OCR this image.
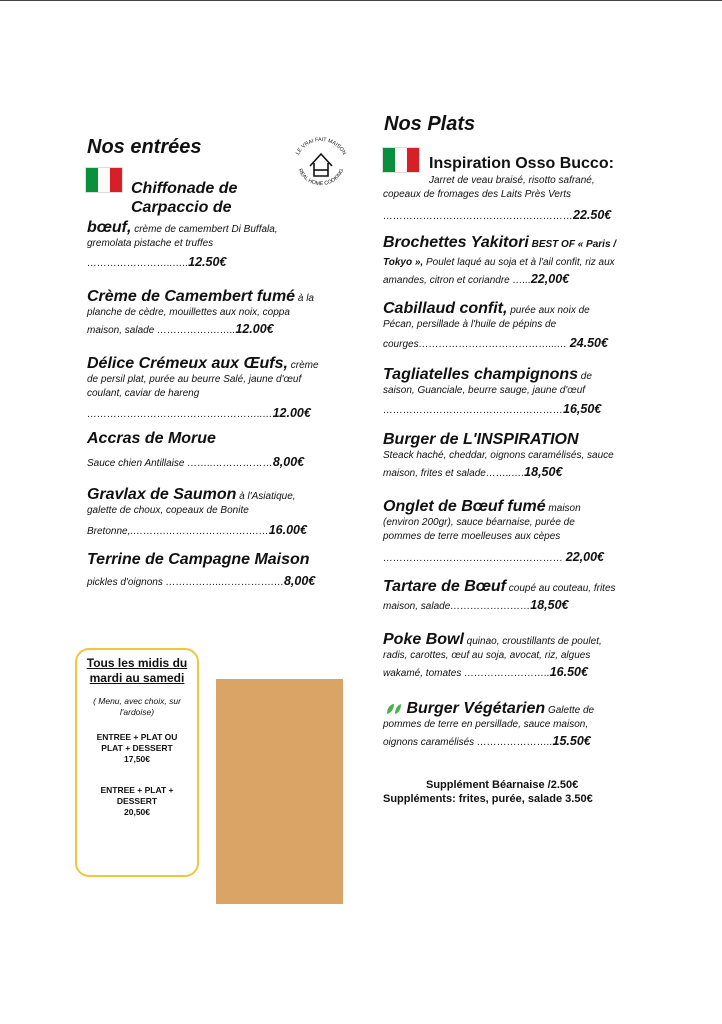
Nos entrées
Chiffonade de
Carpaccio de
bœuf, crème de camembert Di Buffala,
gremolata pistache et truffes
……………………..…..12.50€
Crème de Camembert fumé à la
planche de cèdre, mouillettes aux noix, coppa
maison, salade ……………….…..12.00€
Délice Crémeux aux Œufs, crème
de persil plat, purée au beurre Salé, jaune d'œuf
coulant, caviar de hareng
……………………………………………..…12.00€
Accras de Morue
Sauce chien Antillaise ……..………………8,00€
Gravlax de Saumon à l'Asiatique,
galette de choux, copeaux de Bonite
Bretonne,.……….……………………….…16.00€
Terrine de Campagne Maison
pickles d'oignons ……………..…………….…8,00€
LE VRAI FAIT MAISON
REAL HOME COOKING
Tous les midis du
mardi au samedi
( Menu, avec choix, sur
l'ardoise)
ENTREE + PLAT OU
PLAT + DESSERT
17,50€
ENTREE + PLAT +
DESSERT
20,50€
Nos Plats
Inspiration Osso Bucco:
Jarret de veau braisé, risotto safrané,
copeaux de fromages des Laits Près Verts
…………………………………………………22.50€
Brochettes Yakitori BEST OF « Paris /
Tokyo », Poulet laqué au soja et à l'ail confit, riz aux
amandes, citron et coriandre …...22,00€
Cabillaud confit, purée aux noix de
Pécan, persillade à l'huile de pépins de
courges…………………………………...… 24.50€
Tagliatelles champignons de
saison, Guanciale, beurre sauge, jaune d'œuf
………………………………………………16,50€
Burger de L'INSPIRATION
Steack haché, cheddar, oignons caramélisés, sauce
maison, frites et salade……..….18,50€
Onglet de Bœuf fumé maison
(environ 200gr), sauce béarnaise, purée de
pommes de terre moelleuses aux cèpes
……………………………………………… 22,00€
Tartare de Bœuf coupé au couteau, frites
maison, salade……………………18,50€
Poke Bowl quinao, croustillants de poulet,
radis, carottes, œuf au soja, avocat, riz, algues
wakamé, tomates ……………………..16.50€
Burger Végétarien Galette de
pommes de terre en persillade, sauce maison,
oignons caramélisés …………………..15.50€
Supplément Béarnaise /2.50€
Suppléments: frites, purée, salade 3.50€
